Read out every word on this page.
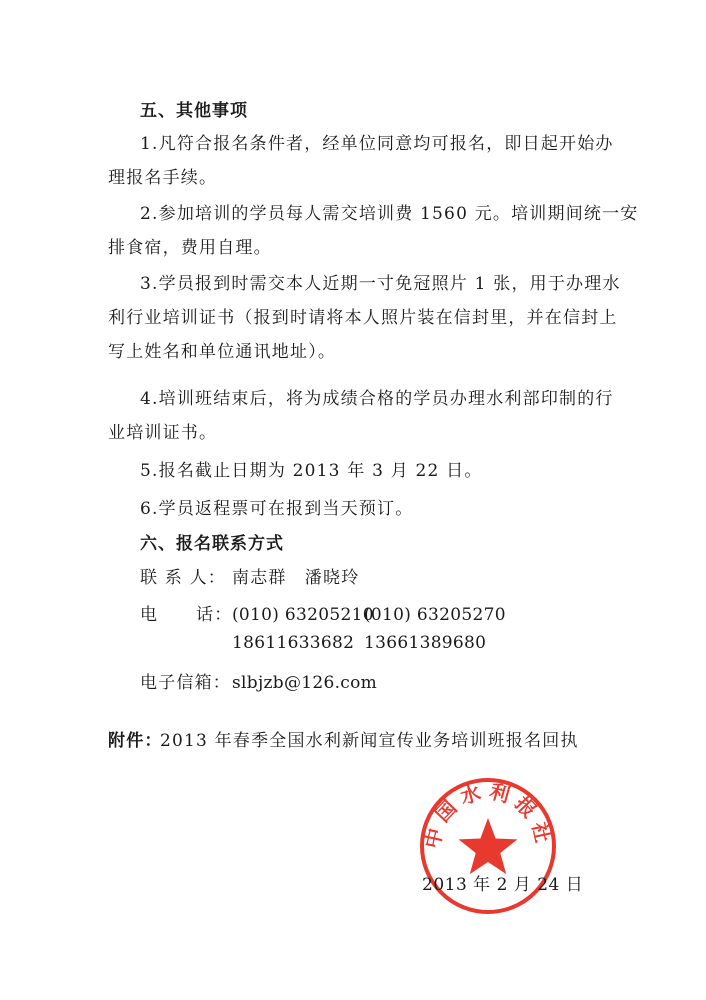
五、其他事项
1.凡符合报名条件者，经单位同意均可报名，即日起开始办
理报名手续。
2.参加培训的学员每人需交培训费 1560 元。培训期间统一安
排食宿，费用自理。
3.学员报到时需交本人近期一寸免冠照片 1 张，用于办理水
利行业培训证书（报到时请将本人照片装在信封里，并在信封上
写上姓名和单位通讯地址）。
4.培训班结束后，将为成绩合格的学员办理水利部印制的行
业培训证书。
5.报名截止日期为 2013 年 3 月 22 日。
6.学员返程票可在报到当天预订。
六、报名联系方式
联 系 人： 南志群　潘晓玲
电 话： (010) 63205210
(010) 63205270
18611633682 13661389680
电子信箱： slbjzb@126.com
附件：
2013 年春季全国水利新闻宣传业务培训班报名回执
中国水利报社
2013 年 2 月 24 日
